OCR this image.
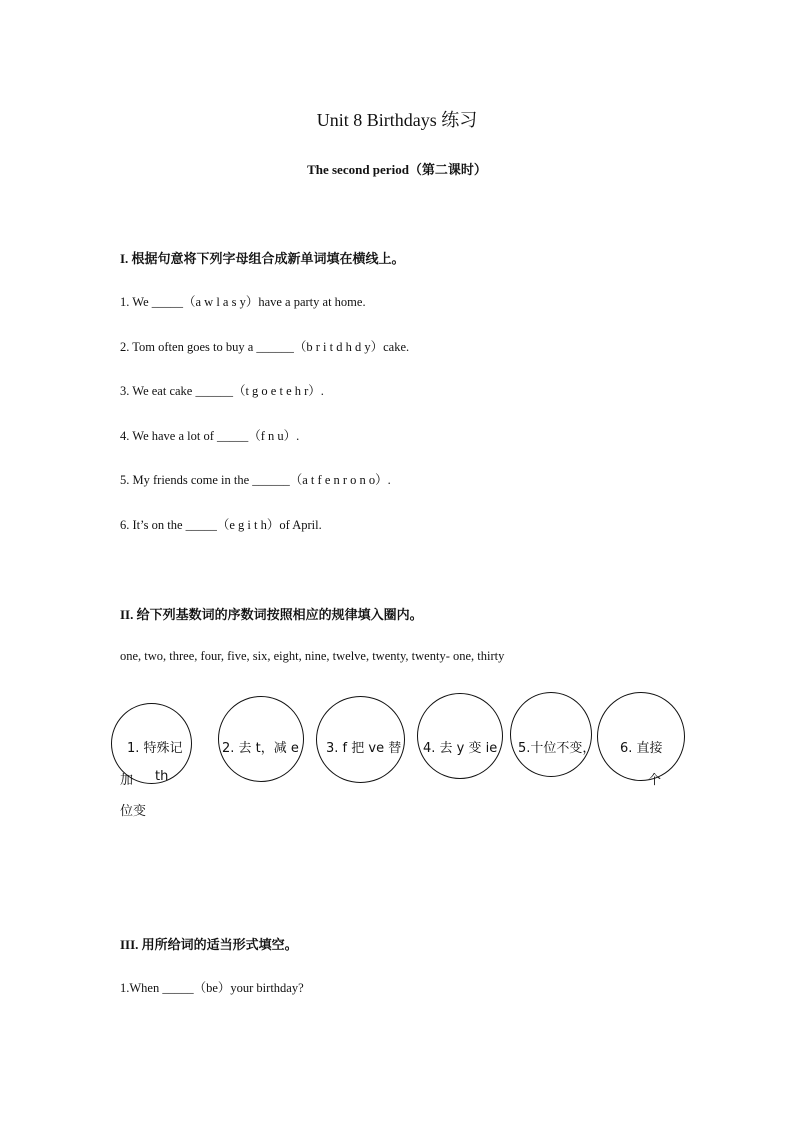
Unit 8 Birthdays 练习
The second period（第二课时）
I. 根据句意将下列字母组合成新单词填在横线上。
1. We _____（a w l a s y）have a party at home.
2. Tom often goes to buy a ______（b r i t d h d y）cake.
3. We eat cake ______（t g o e t e h r）.
4. We have a lot of _____（f n u）.
5. My friends come in the ______（a t f e n r o n o）.
6. It’s on the _____（e g i t h）of April.
II. 给下列基数词的序数词按照相应的规律填入圈内。
one, two, three, four, five, six, eight, nine, twelve, twenty, twenty- one, thirty
1. 特殊记	2. 去 t，减 e 3. f 把 ve 替 4. 去 y 变 ie 5.十位不变， 6. 直接
加 th	个
位变
III. 用所给词的适当形式填空。
1.When _____（be）your birthday?
